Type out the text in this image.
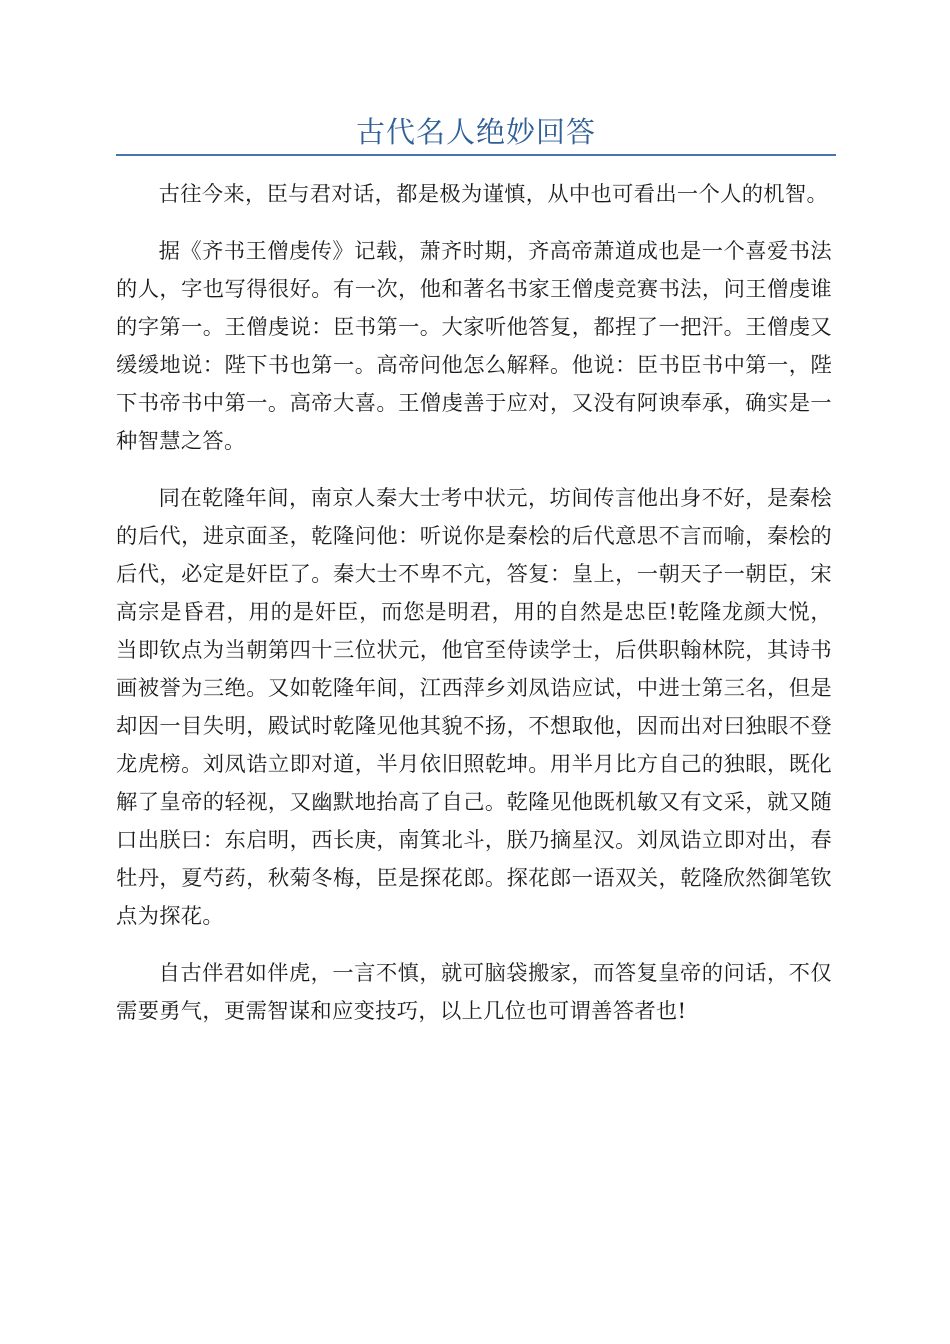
古代名人绝妙回答

古往今来，臣与君对话，都是极为谨慎，从中也可看出一个人的机智。

据《齐书王僧虔传》记载，萧齐时期，齐高帝萧道成也是一个喜爱书法的人，字也写得很好。有一次，他和著名书家王僧虔竞赛书法，问王僧虔谁的字第一。王僧虔说：臣书第一。大家听他答复，都捏了一把汗。王僧虔又缓缓地说：陛下书也第一。高帝问他怎么解释。他说：臣书臣书中第一，陛下书帝书中第一。高帝大喜。王僧虔善于应对，又没有阿谀奉承，确实是一种智慧之答。

同在乾隆年间，南京人秦大士考中状元，坊间传言他出身不好，是秦桧的后代，进京面圣，乾隆问他：听说你是秦桧的后代意思不言而喻，秦桧的后代，必定是奸臣了。秦大士不卑不亢，答复：皇上，一朝天子一朝臣，宋高宗是昏君，用的是奸臣，而您是明君，用的自然是忠臣!乾隆龙颜大悦，当即钦点为当朝第四十三位状元，他官至侍读学士，后供职翰林院，其诗书画被誉为三绝。又如乾隆年间，江西萍乡刘凤诰应试，中进士第三名，但是却因一目失明，殿试时乾隆见他其貌不扬，不想取他，因而出对曰独眼不登龙虎榜。刘凤诰立即对道，半月依旧照乾坤。用半月比方自己的独眼，既化解了皇帝的轻视，又幽默地抬高了自己。乾隆见他既机敏又有文采，就又随口出朕曰：东启明，西长庚，南箕北斗，朕乃摘星汉。刘凤诰立即对出，春牡丹，夏芍药，秋菊冬梅，臣是探花郎。探花郎一语双关，乾隆欣然御笔钦点为探花。

自古伴君如伴虎，一言不慎，就可脑袋搬家，而答复皇帝的问话，不仅需要勇气，更需智谋和应变技巧，以上几位也可谓善答者也!
